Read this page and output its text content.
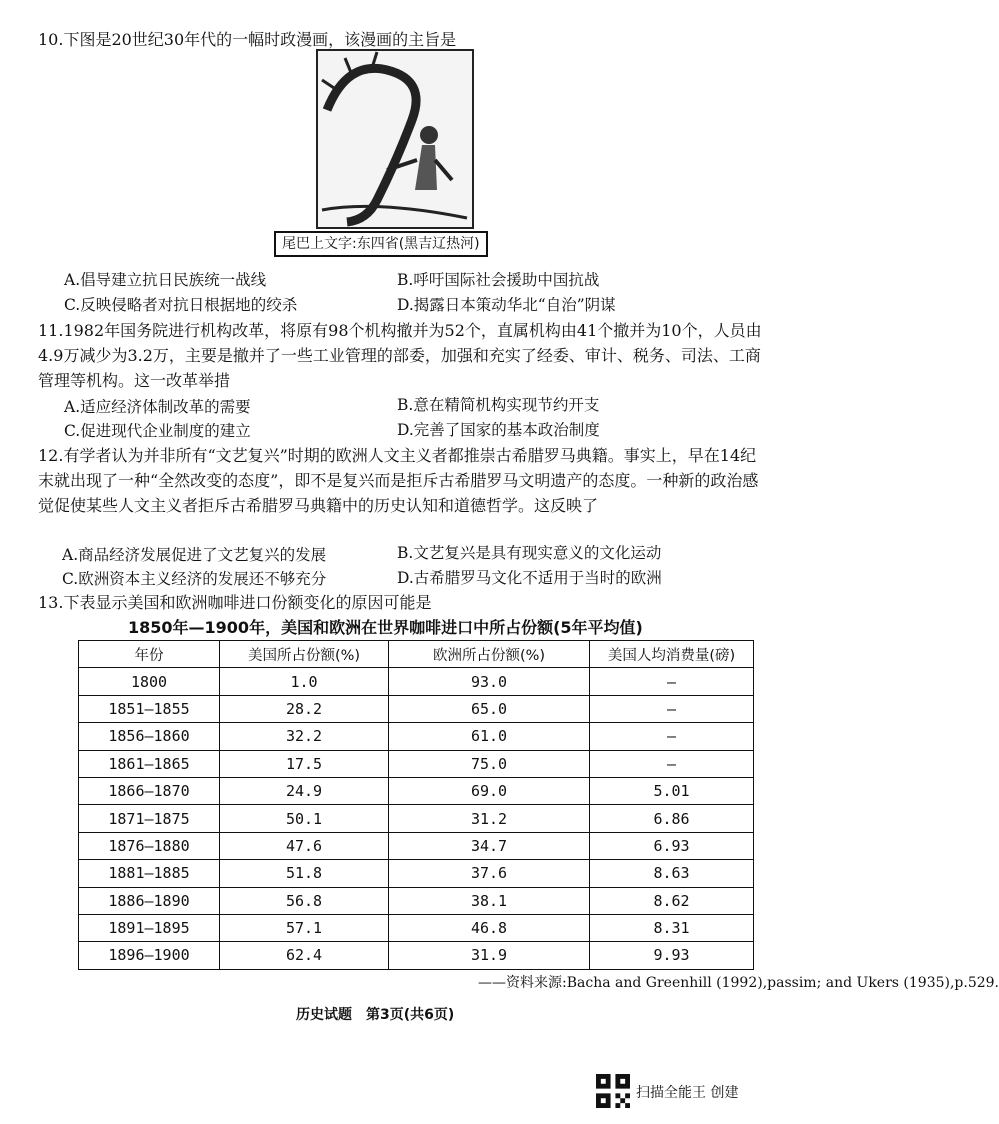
10.下图是20世纪30年代的一幅时政漫画，该漫画的主旨是
尾巴上文字:东四省(黑吉辽热河)
A.倡导建立抗日民族统一战线	B.呼吁国际社会援助中国抗战
C.反映侵略者对抗日根据地的绞杀	D.揭露日本策动华北“自治”阴谋
11.1982年国务院进行机构改革，将原有98个机构撤并为52个，直属机构由41个撤并为10个，人员由4.9万减少为3.2万，主要是撤并了一些工业管理的部委，加强和充实了经委、审计、税务、司法、工商管理等机构。这一改革举措
A.适应经济体制改革的需要	B.意在精简机构实现节约开支
C.促进现代企业制度的建立	D.完善了国家的基本政治制度
12.有学者认为并非所有“文艺复兴”时期的欧洲人文主义者都推崇古希腊罗马典籍。事实上，早在14纪末就出现了一种“全然改变的态度”，即不是复兴而是拒斥古希腊罗马文明遗产的态度。一种新的政治感觉促使某些人文主义者拒斥古希腊罗马典籍中的历史认知和道德哲学。这反映了
A.商品经济发展促进了文艺复兴的发展	B.文艺复兴是具有现实意义的文化运动
C.欧洲资本主义经济的发展还不够充分	D.古希腊罗马文化不适用于当时的欧洲
13.下表显示美国和欧洲咖啡进口份额变化的原因可能是
1850年—1900年，美国和欧洲在世界咖啡进口中所占份额(5年平均值)
年份	美国所占份额(%)	欧洲所占份额(%)	美国人均消费量(磅)
1800	1.0	93.0	–
1851—1855	28.2	65.0	–
1856—1860	32.2	61.0	–
1861—1865	17.5	75.0	–
1866—1870	24.9	69.0	5.01
1871—1875	50.1	31.2	6.86
1876—1880	47.6	34.7	6.93
1881—1885	51.8	37.6	8.63
1886—1890	56.8	38.1	8.62
1891—1895	57.1	46.8	8.31
1896—1900	62.4	31.9	9.93
——资料来源:Bacha and Greenhill (1992),passim; and Ukers (1935),p.529.
历史试题　第3页(共6页)
扫描全能王 创建
